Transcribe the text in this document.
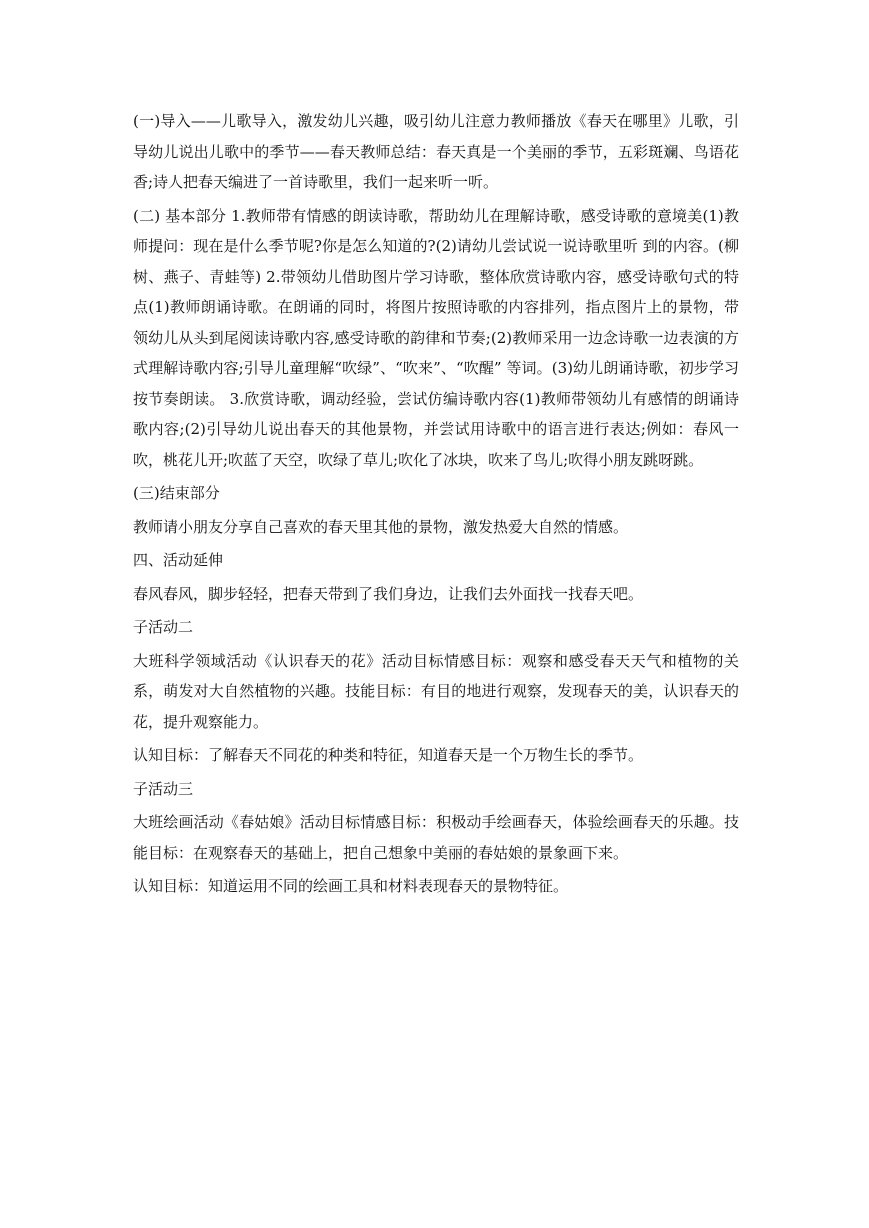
(一)导入——儿歌导入，激发幼儿兴趣，吸引幼儿注意力教师播放《春天在哪里》儿歌，引导幼儿说出儿歌中的季节——春天教师总结：春天真是一个美丽的季节，五彩斑斓、鸟语花香;诗人把春天编进了一首诗歌里，我们一起来听一听。

(二) 基本部分 1.教师带有情感的朗读诗歌，帮助幼儿在理解诗歌，感受诗歌的意境美(1)教师提问：现在是什么季节呢?你是怎么知道的?(2)请幼儿尝试说一说诗歌里听 到的内容。(柳树、燕子、青蛙等) 2.带领幼儿借助图片学习诗歌，整体欣赏诗歌内容，感受诗歌句式的特点(1)教师朗诵诗歌。在朗诵的同时，将图片按照诗歌的内容排列，指点图片上的景物，带领幼儿从头到尾阅读诗歌内容,感受诗歌的韵律和节奏;(2)教师采用一边念诗歌一边表演的方式理解诗歌内容;引导儿童理解“吹绿”、“吹来”、“吹醒” 等词。(3)幼儿朗诵诗歌，初步学习按节奏朗读。 3.欣赏诗歌，调动经验，尝试仿编诗歌内容(1)教师带领幼儿有感情的朗诵诗歌内容;(2)引导幼儿说出春天的其他景物，并尝试用诗歌中的语言进行表达;例如：春风一吹，桃花儿开;吹蓝了天空，吹绿了草儿;吹化了冰块，吹来了鸟儿;吹得小朋友跳呀跳。

(三)结束部分

教师请小朋友分享自己喜欢的春天里其他的景物，激发热爱大自然的情感。

四、活动延伸

春风春风，脚步轻轻，把春天带到了我们身边，让我们去外面找一找春天吧。

子活动二

大班科学领域活动《认识春天的花》活动目标情感目标：观察和感受春天天气和植物的关系，萌发对大自然植物的兴趣。技能目标：有目的地进行观察，发现春天的美，认识春天的花，提升观察能力。

认知目标：了解春天不同花的种类和特征，知道春天是一个万物生长的季节。

子活动三

大班绘画活动《春姑娘》活动目标情感目标：积极动手绘画春天，体验绘画春天的乐趣。技能目标：在观察春天的基础上，把自己想象中美丽的春姑娘的景象画下来。

认知目标：知道运用不同的绘画工具和材料表现春天的景物特征。
